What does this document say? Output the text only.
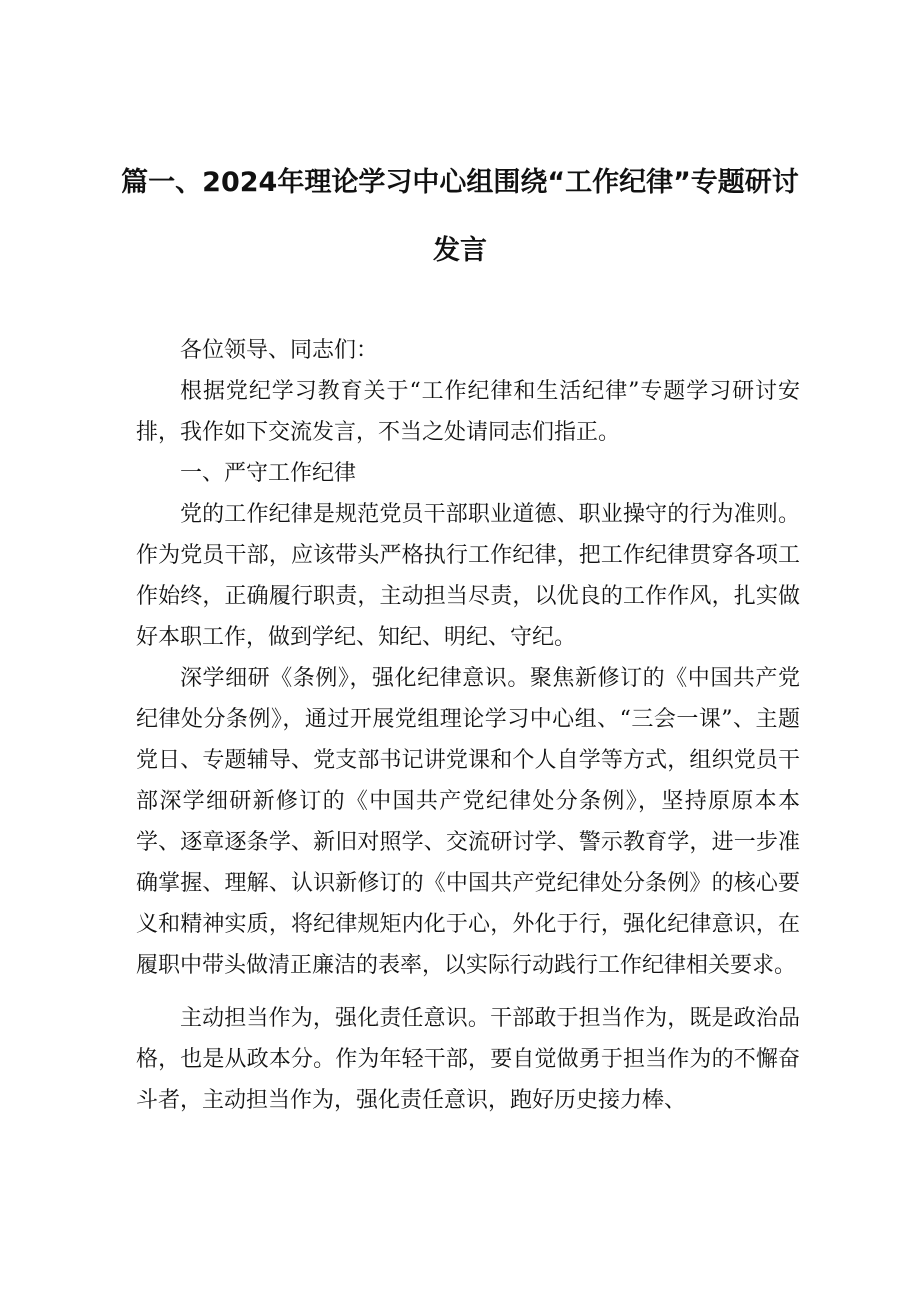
篇一、2024年理论学习中心组围绕“工作纪律”专题研讨
发言

各位领导、同志们：

根据党纪学习教育关于“工作纪律和生活纪律”专题学习研讨安排，我作如下交流发言，不当之处请同志们指正。

一、严守工作纪律

党的工作纪律是规范党员干部职业道德、职业操守的行为准则。作为党员干部，应该带头严格执行工作纪律，把工作纪律贯穿各项工作始终，正确履行职责，主动担当尽责，以优良的工作作风，扎实做好本职工作，做到学纪、知纪、明纪、守纪。

深学细研《条例》，强化纪律意识。聚焦新修订的《中国共产党纪律处分条例》，通过开展党组理论学习中心组、“三会一课”、主题党日、专题辅导、党支部书记讲党课和个人自学等方式，组织党员干部深学细研新修订的《中国共产党纪律处分条例》，坚持原原本本学、逐章逐条学、新旧对照学、交流研讨学、警示教育学，进一步准确掌握、理解、认识新修订的《中国共产党纪律处分条例》的核心要义和精神实质，将纪律规矩内化于心，外化于行，强化纪律意识，在履职中带头做清正廉洁的表率，以实际行动践行工作纪律相关要求。

主动担当作为，强化责任意识。干部敢于担当作为，既是政治品格，也是从政本分。作为年轻干部，要自觉做勇于担当作为的不懈奋斗者，主动担当作为，强化责任意识，跑好历史接力棒、
